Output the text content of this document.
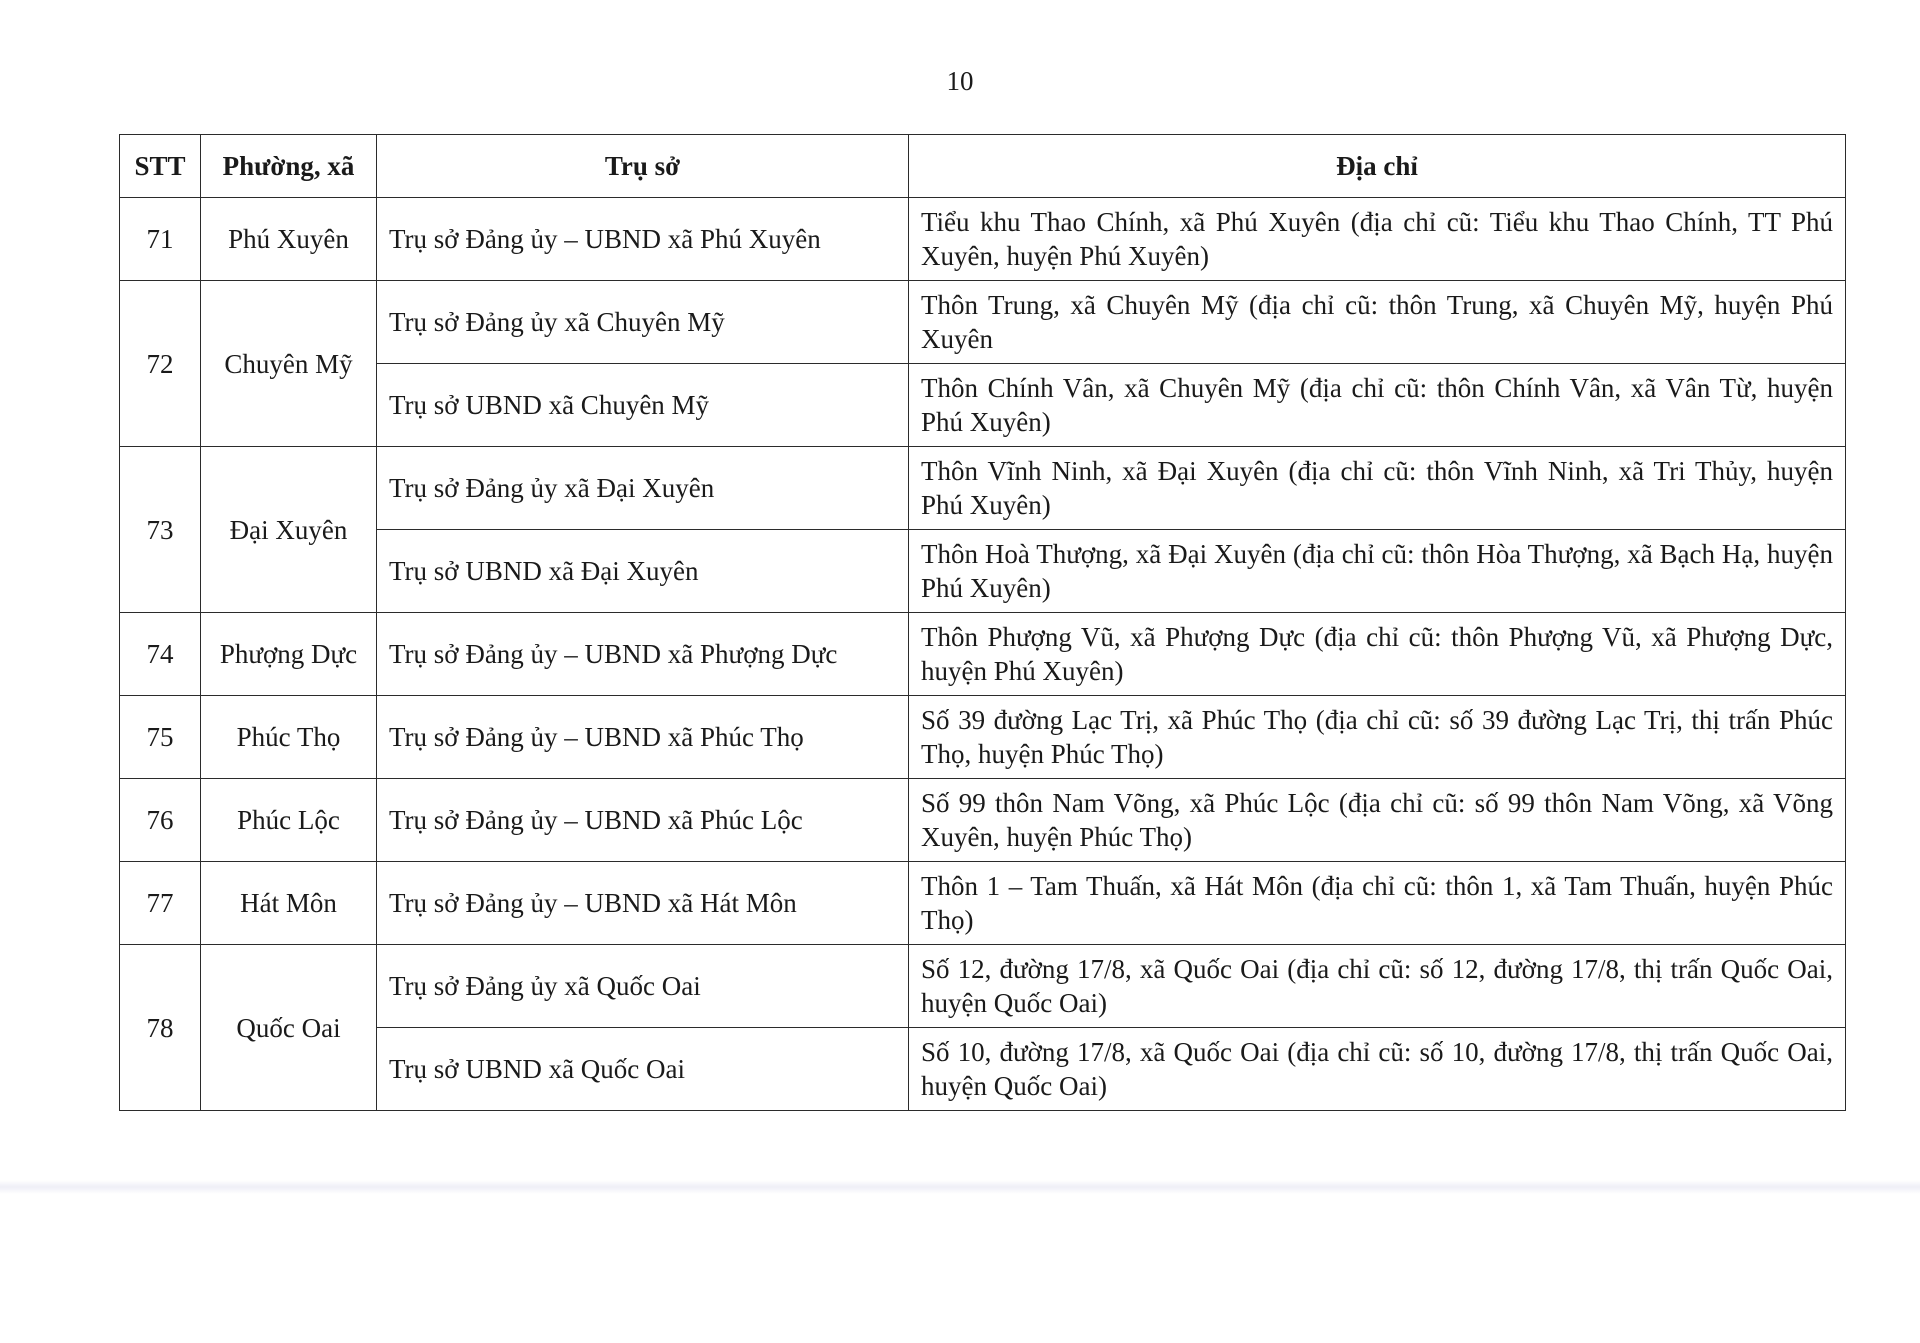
10
STT	Phường, xã	Trụ sở	Địa chỉ
71	Phú Xuyên	Trụ sở Đảng ủy – UBND xã Phú Xuyên	Tiểu khu Thao Chính, xã Phú Xuyên (địa chỉ cũ: Tiểu khu Thao Chính, TT Phú Xuyên, huyện Phú Xuyên)
72	Chuyên Mỹ	Trụ sở Đảng ủy xã Chuyên Mỹ	Thôn Trung, xã Chuyên Mỹ (địa chỉ cũ: thôn Trung, xã Chuyên Mỹ, huyện Phú Xuyên
		Trụ sở UBND xã Chuyên Mỹ	Thôn Chính Vân, xã Chuyên Mỹ (địa chỉ cũ: thôn Chính Vân, xã Vân Từ, huyện Phú Xuyên)
73	Đại Xuyên	Trụ sở Đảng ủy xã Đại Xuyên	Thôn Vĩnh Ninh, xã Đại Xuyên (địa chỉ cũ: thôn Vĩnh Ninh, xã Tri Thủy, huyện Phú Xuyên)
		Trụ sở UBND xã Đại Xuyên	Thôn Hoà Thượng, xã Đại Xuyên (địa chỉ cũ: thôn Hòa Thượng, xã Bạch Hạ, huyện Phú Xuyên)
74	Phượng Dực	Trụ sở Đảng ủy – UBND xã Phượng Dực	Thôn Phượng Vũ, xã Phượng Dực (địa chỉ cũ: thôn Phượng Vũ, xã Phượng Dực, huyện Phú Xuyên)
75	Phúc Thọ	Trụ sở Đảng ủy – UBND xã Phúc Thọ	Số 39 đường Lạc Trị, xã Phúc Thọ (địa chỉ cũ: số 39 đường Lạc Trị, thị trấn Phúc Thọ, huyện Phúc Thọ)
76	Phúc Lộc	Trụ sở Đảng ủy – UBND xã Phúc Lộc	Số 99 thôn Nam Võng, xã Phúc Lộc (địa chỉ cũ: số 99 thôn Nam Võng, xã Võng Xuyên, huyện Phúc Thọ)
77	Hát Môn	Trụ sở Đảng ủy – UBND xã Hát Môn	Thôn 1 – Tam Thuấn, xã Hát Môn (địa chỉ cũ: thôn 1, xã Tam Thuấn, huyện Phúc Thọ)
78	Quốc Oai	Trụ sở Đảng ủy xã Quốc Oai	Số 12, đường 17/8, xã Quốc Oai (địa chỉ cũ: số 12, đường 17/8, thị trấn Quốc Oai, huyện Quốc Oai)
		Trụ sở UBND xã Quốc Oai	Số 10, đường 17/8, xã Quốc Oai (địa chỉ cũ: số 10, đường 17/8, thị trấn Quốc Oai, huyện Quốc Oai)
